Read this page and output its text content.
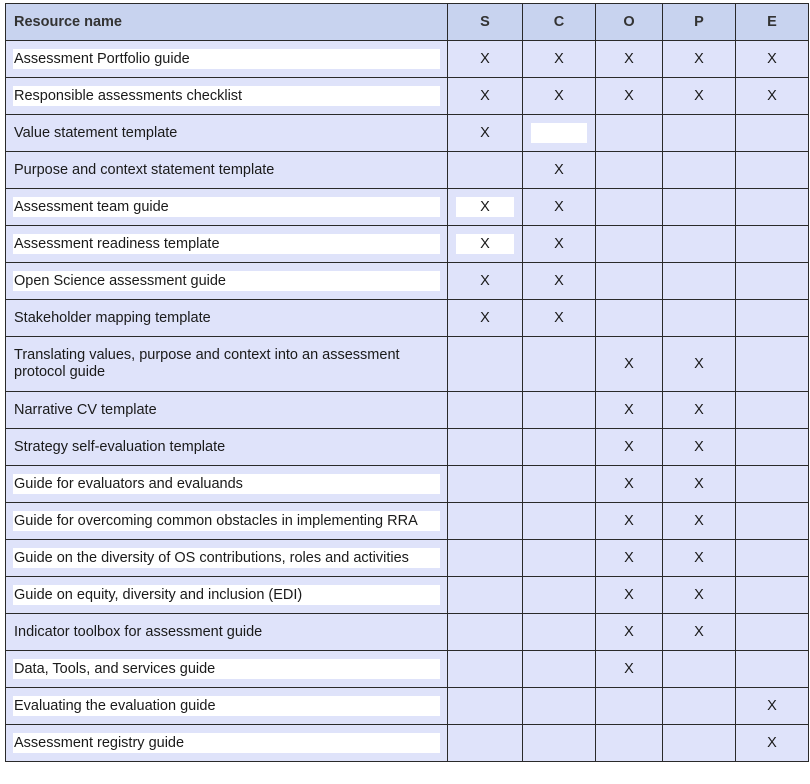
Resource name	S	C	O	P	E

Assessment Portfolio guide	X	X	X	X	X

Responsible assessments checklist	X	X	X	X	X

Value statement template	X				

Purpose and context statement template		X			

Assessment team guide	X	X			

Assessment readiness template	X	X			

Open Science assessment guide	X	X			

Stakeholder mapping template	X	X			

Translating values, purpose and context into an assessment protocol guide			X	X	

Narrative CV template			X	X	

Strategy self-evaluation template			X	X	

Guide for evaluators and evaluands			X	X	

Guide for overcoming common obstacles in implementing RRA			X	X	

Guide on the diversity of OS contributions, roles and activities			X	X	

Guide on equity, diversity and inclusion (EDI)			X	X	

Indicator toolbox for assessment guide			X	X	

Data, Tools, and services guide			X		

Evaluating the evaluation guide					X

Assessment registry guide					X
